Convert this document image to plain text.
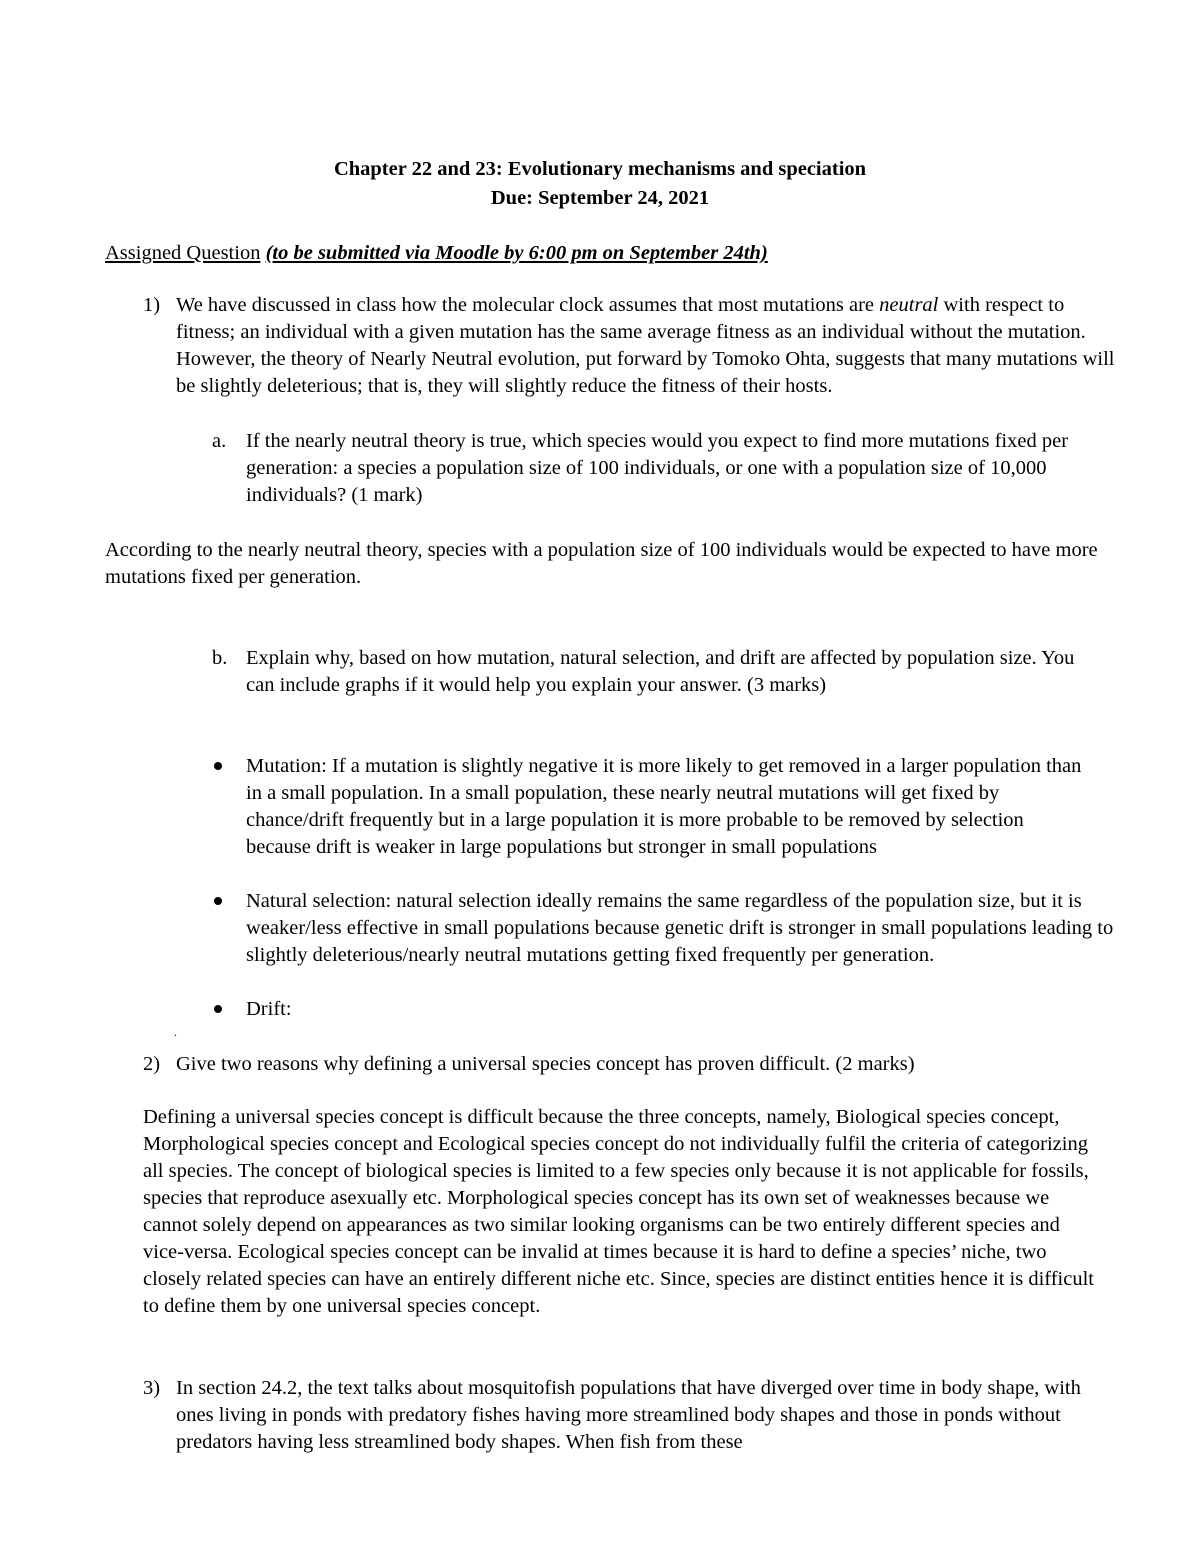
Chapter 22 and 23: Evolutionary mechanisms and speciation
Due: September 24, 2021
Assigned Question (to be submitted via Moodle by 6:00 pm on September 24th)
1) We have discussed in class how the molecular clock assumes that most mutations are neutral with respect to fitness; an individual with a given mutation has the same average fitness as an individual without the mutation. However, the theory of Nearly Neutral evolution, put forward by Tomoko Ohta, suggests that many mutations will be slightly deleterious; that is, they will slightly reduce the fitness of their hosts.

a. If the nearly neutral theory is true, which species would you expect to find more mutations fixed per generation: a species a population size of 100 individuals, or one with a population size of 10,000 individuals? (1 mark)

According to the nearly neutral theory, species with a population size of 100 individuals would be expected to have more mutations fixed per generation.

b. Explain why, based on how mutation, natural selection, and drift are affected by population size. You can include graphs if it would help you explain your answer. (3 marks)

Mutation: If a mutation is slightly negative it is more likely to get removed in a larger population than in a small population. In a small population, these nearly neutral mutations will get fixed by chance/drift frequently but in a large population it is more probable to be removed by selection because drift is weaker in large populations but stronger in small populations

Natural selection: natural selection ideally remains the same regardless of the population size, but it is weaker/less effective in small populations because genetic drift is stronger in small populations leading to slightly deleterious/nearly neutral mutations getting fixed frequently per generation.

Drift:

.
2) Give two reasons why defining a universal species concept has proven difficult. (2 marks)

Defining a universal species concept is difficult because the three concepts, namely, Biological species concept, Morphological species concept and Ecological species concept do not individually fulfil the criteria of categorizing all species. The concept of biological species is limited to a few species only because it is not applicable for fossils, species that reproduce asexually etc. Morphological species concept has its own set of weaknesses because we cannot solely depend on appearances as two similar looking organisms can be two entirely different species and vice-versa. Ecological species concept can be invalid at times because it is hard to define a species’ niche, two closely related species can have an entirely different niche etc. Since, species are distinct entities hence it is difficult to define them by one universal species concept.

3) In section 24.2, the text talks about mosquitofish populations that have diverged over time in body shape, with ones living in ponds with predatory fishes having more streamlined body shapes and those in ponds without predators having less streamlined body shapes. When fish from these
